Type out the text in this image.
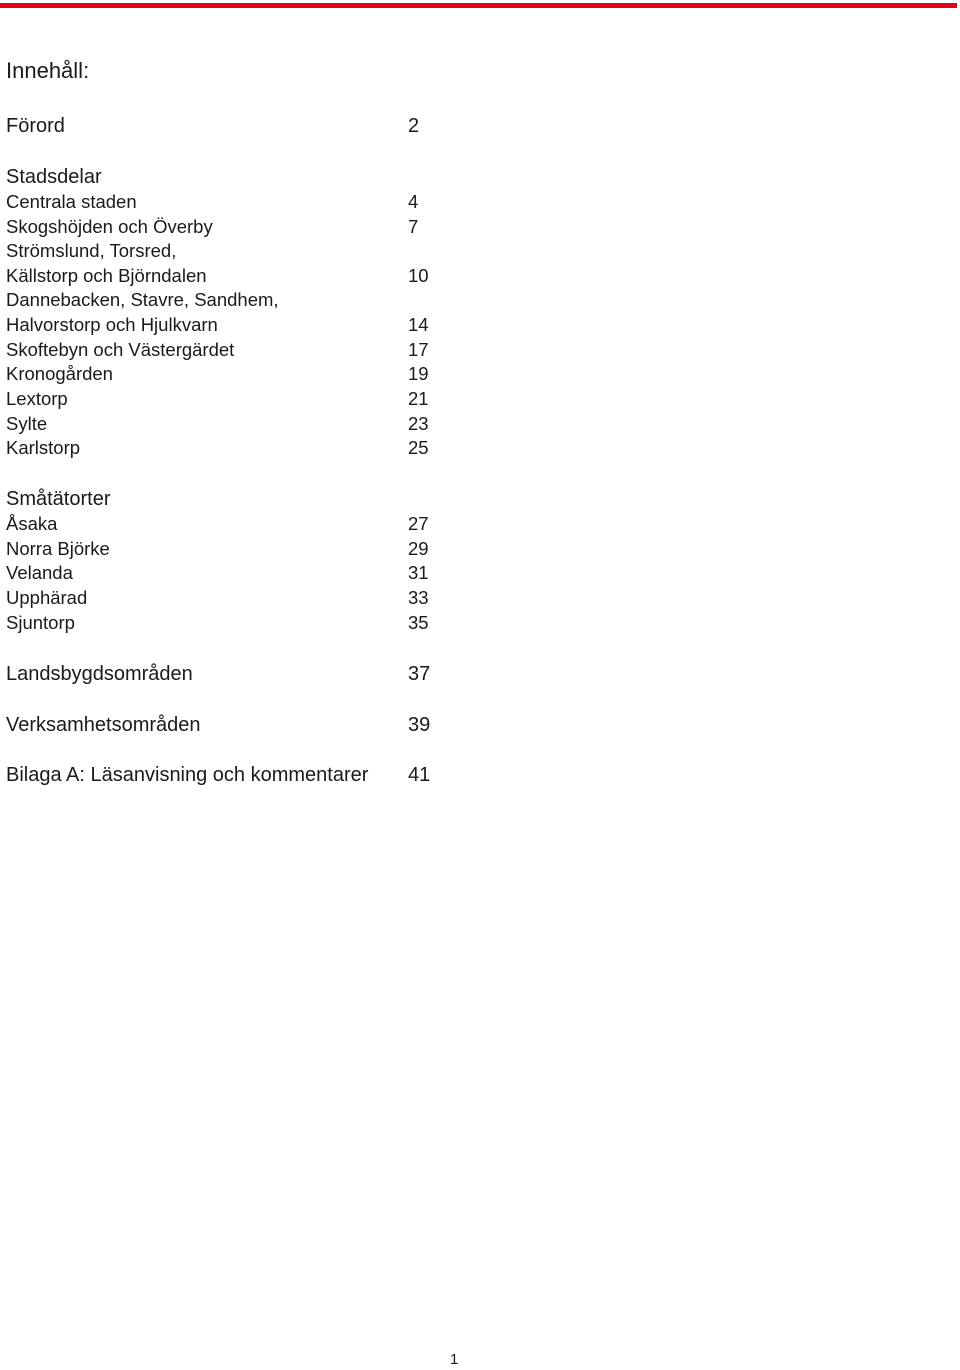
Innehåll:
Förord	2
Stadsdelar
Centrala staden	4
Skogshöjden och Överby	7
Strömslund, Torsred,
Källstorp och Björndalen	10
Dannebacken, Stavre, Sandhem,
Halvorstorp och Hjulkvarn	14
Skoftebyn och Västergärdet	17
Kronogården	19
Lextorp	21
Sylte	23
Karlstorp	25
Småtätorter
Åsaka	27
Norra Björke	29
Velanda	31
Upphärad	33
Sjuntorp	35
Landsbygdsområden	37
Verksamhetsområden	39
Bilaga A: Läsanvisning och kommentarer 41
1
